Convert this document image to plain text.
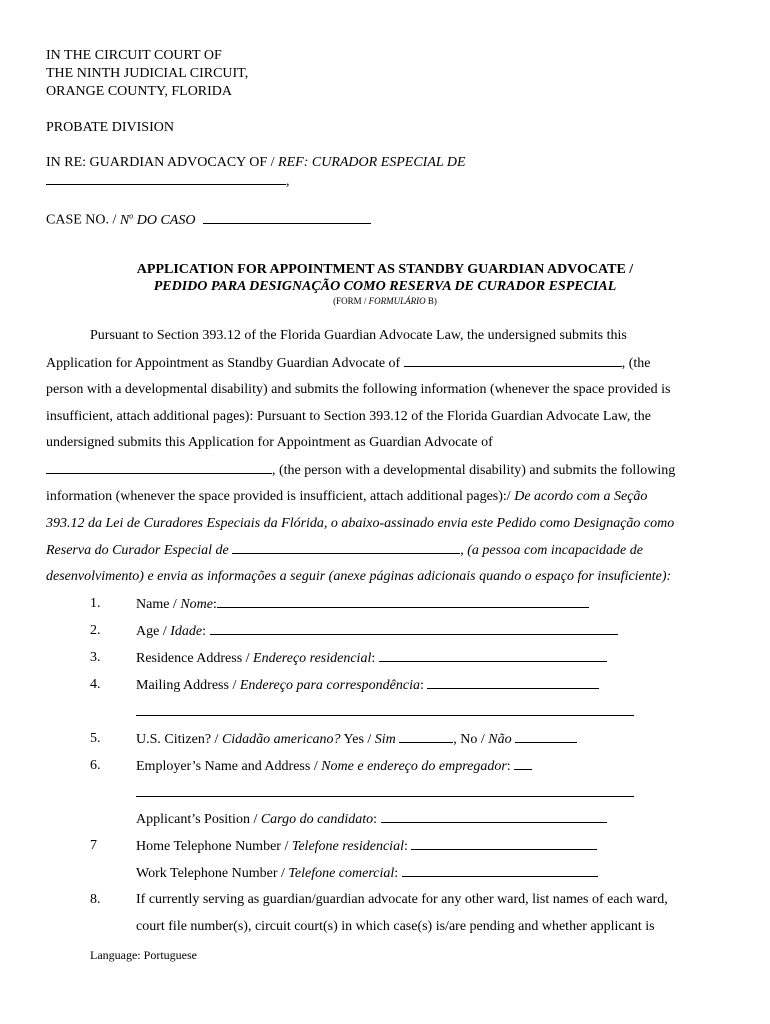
IN THE CIRCUIT COURT OF
THE NINTH JUDICIAL CIRCUIT,
ORANGE COUNTY, FLORIDA
PROBATE DIVISION
IN RE: GUARDIAN ADVOCACY OF / REF: CURADOR ESPECIAL DE
,
CASE NO. / $N^o$ DO CASO
APPLICATION FOR APPOINTMENT AS STANDBY GUARDIAN ADVOCATE /
PEDIDO PARA DESIGNAÇÃO COMO RESERVA DE CURADOR ESPECIAL
(FORM / FORMULÁRIO B)
Pursuant to Section 393.12 of the Florida Guardian Advocate Law, the undersigned submits this
Application for Appointment as Standby Guardian Advocate of	, (the
person with a developmental disability) and submits the following information (whenever the space provided is
insufficient, attach additional pages): Pursuant to Section 393.12 of the Florida Guardian Advocate Law, the
undersigned submits this Application for Appointment as Guardian Advocate of
, (the person with a developmental disability) and submits the following
information (whenever the space provided is insufficient, attach additional pages):/ De acordo com a Seção
393.12 da Lei de Curadores Especiais da Flórida, o abaixo-assinado envia este Pedido como Designação como
Reserva do Curador Especial de	, (a pessoa com incapacidade de
desenvolvimento) e envia as informações a seguir (anexe páginas adicionais quando o espaço for insuficiente):
1.	Name / Nome:
2.	Age / Idade:
3.	Residence Address / Endereço residencial:
4.	Mailing Address / Endereço para correspondência:
5.	U.S. Citizen? / Cidadão americano? Yes / Sim	, No / Não
6.	Employer’s Name and Address / Nome e endereço do empregador:
Applicant’s Position / Cargo do candidato:
7	Home Telephone Number / Telefone residencial:
Work Telephone Number / Telefone comercial:
8.	If currently serving as guardian/guardian advocate for any other ward, list names of each ward,
court file number(s), circuit court(s) in which case(s) is/are pending and whether applicant is
Language: Portuguese
